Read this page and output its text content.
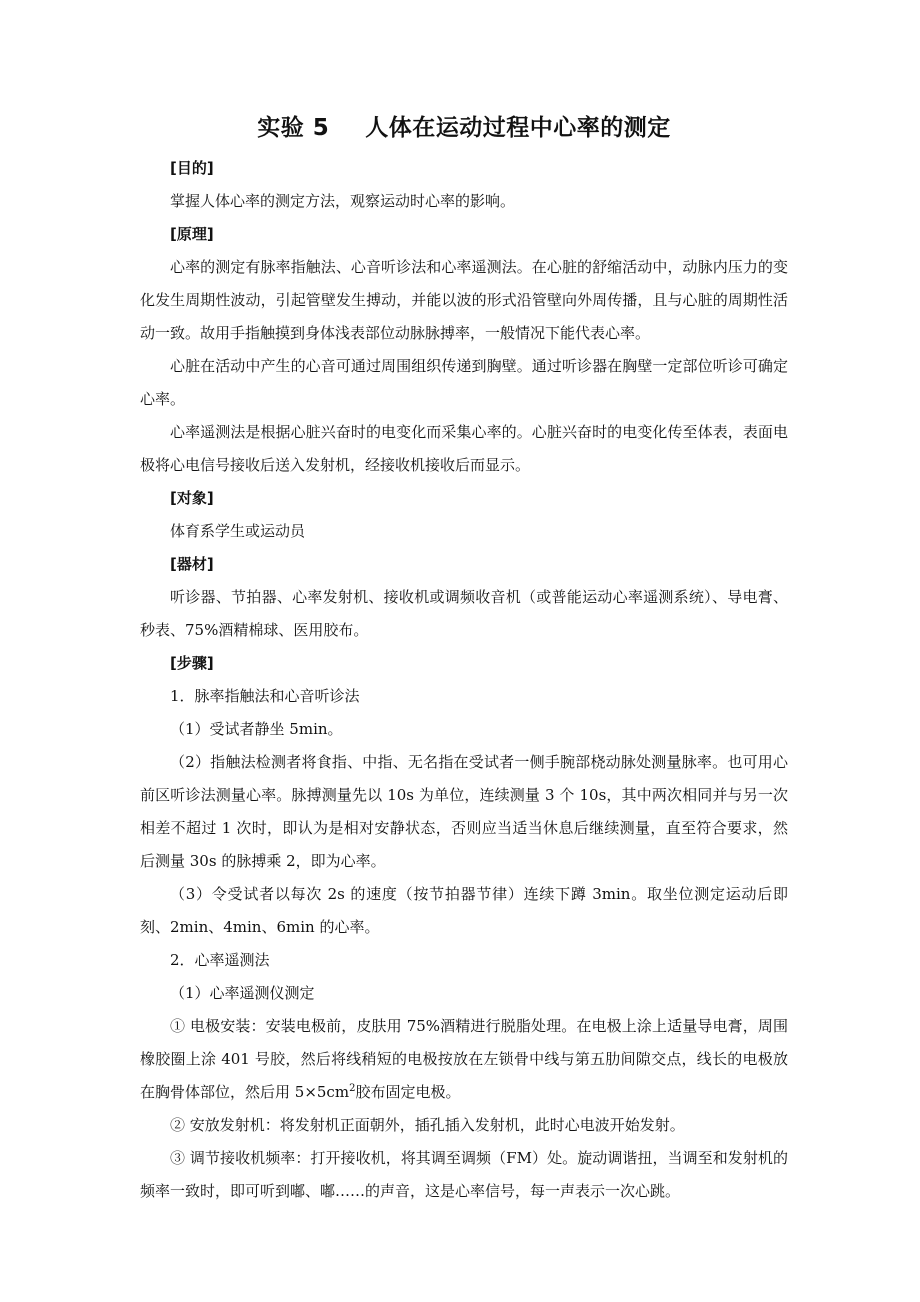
实验 5 人体在运动过程中心率的测定
[目的]
掌握人体心率的测定方法，观察运动时心率的影响。
[原理]
心率的测定有脉率指触法、心音听诊法和心率遥测法。在心脏的舒缩活动中，动脉内压力的变化发生周期性波动，引起管壁发生搏动，并能以波的形式沿管壁向外周传播，且与心脏的周期性活动一致。故用手指触摸到身体浅表部位动脉脉搏率，一般情况下能代表心率。
心脏在活动中产生的心音可通过周围组织传递到胸壁。通过听诊器在胸壁一定部位听诊可确定心率。
心率遥测法是根据心脏兴奋时的电变化而采集心率的。心脏兴奋时的电变化传至体表，表面电极将心电信号接收后送入发射机，经接收机接收后而显示。
[对象]
体育系学生或运动员
[器材]
听诊器、节拍器、心率发射机、接收机或调频收音机（或普能运动心率遥测系统）、导电膏、秒表、75%酒精棉球、医用胶布。
[步骤]
1．脉率指触法和心音听诊法
（1）受试者静坐 5min。
（2）指触法检测者将食指、中指、无名指在受试者一侧手腕部桡动脉处测量脉率。也可用心前区听诊法测量心率。脉搏测量先以 10s 为单位，连续测量 3 个 10s，其中两次相同并与另一次相差不超过 1 次时，即认为是相对安静状态，否则应当适当休息后继续测量，直至符合要求，然后测量 30s 的脉搏乘 2，即为心率。
（3）令受试者以每次 2s 的速度（按节拍器节律）连续下蹲 3min。取坐位测定运动后即刻、2min、4min、6min 的心率。
2．心率遥测法
（1）心率遥测仪测定
① 电极安装：安装电极前，皮肤用 75%酒精进行脱脂处理。在电极上涂上适量导电膏，周围橡胶圈上涂 401 号胶，然后将线稍短的电极按放在左锁骨中线与第五肋间隙交点，线长的电极放在胸骨体部位，然后用 $5\times 5cm^2$胶布固定电极。
② 安放发射机：将发射机正面朝外，插孔插入发射机，此时心电波开始发射。
③ 调节接收机频率：打开接收机，将其调至调频（FM）处。旋动调谐扭，当调至和发射机的频率一致时，即可听到嘟、嘟……的声音，这是心率信号，每一声表示一次心跳。
